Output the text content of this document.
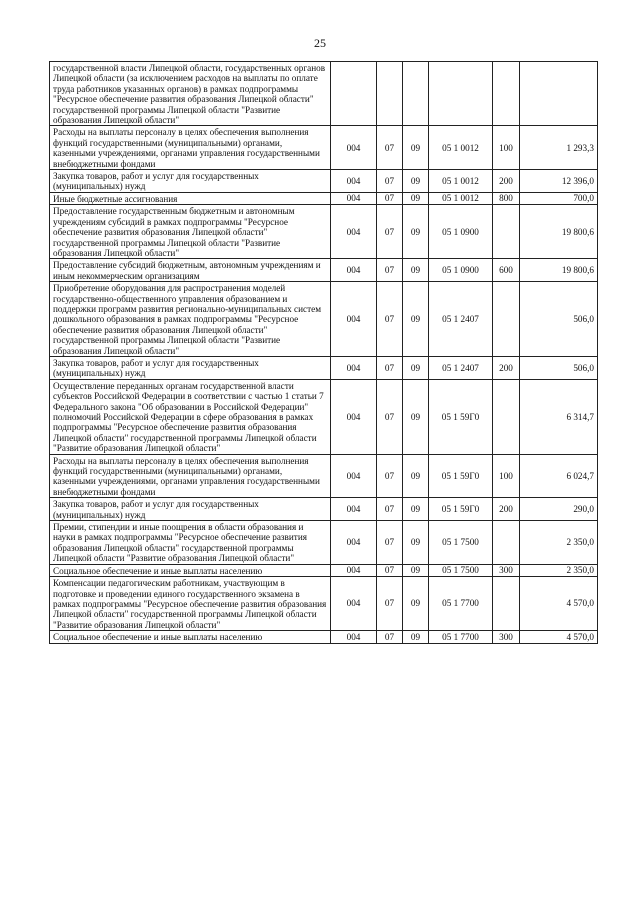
25
государственной власти Липецкой области, государственных органов Липецкой области (за исключением расходов на выплаты по оплате труда работников указанных органов) в рамках подпрограммы "Ресурсное обеспечение развития образования Липецкой области" государственной программы Липецкой области "Развитие образования Липецкой области"						
Расходы на выплаты персоналу в целях обеспечения выполнения функций государственными (муниципальными) органами, казенными учреждениями, органами управления государственными внебюджетными фондами	004	07	09	05 1 0012	100	1 293,3
Закупка товаров, работ и услуг для государственных (муниципальных) нужд	004	07	09	05 1 0012	200	12 396,0
Иные бюджетные ассигнования	004	07	09	05 1 0012	800	700,0
Предоставление государственным бюджетным и автономным учреждениям субсидий в рамках подпрограммы "Ресурсное обеспечение развития образования Липецкой области" государственной программы Липецкой области "Развитие образования Липецкой области"	004	07	09	05 1 0900		19 800,6
Предоставление субсидий бюджетным, автономным учреждениям и иным некоммерческим организациям	004	07	09	05 1 0900	600	19 800,6
Приобретение оборудования для распространения моделей государственно-общественного управления образованием и поддержки программ развития регионально-муниципальных систем дошкольного образования в рамках подпрограммы "Ресурсное обеспечение развития образования Липецкой области" государственной программы Липецкой области "Развитие образования Липецкой области"	004	07	09	05 1 2407		506,0
Закупка товаров, работ и услуг для государственных (муниципальных) нужд	004	07	09	05 1 2407	200	506,0
Осуществление переданных органам государственной власти субъектов Российской Федерации в соответствии с частью 1 статьи 7 Федерального закона "Об образовании в Российской Федерации" полномочий Российской Федерации в сфере образования в рамках подпрограммы "Ресурсное обеспечение развития образования Липецкой области" государственной программы Липецкой области "Развитие образования Липецкой области"	004	07	09	05 1 59Г0		6 314,7
Расходы на выплаты персоналу в целях обеспечения выполнения функций государственными (муниципальными) органами, казенными учреждениями, органами управления государственными внебюджетными фондами	004	07	09	05 1 59Г0	100	6 024,7
Закупка товаров, работ и услуг для государственных (муниципальных) нужд	004	07	09	05 1 59Г0	200	290,0
Премии, стипендии и иные поощрения в области образования и науки в рамках подпрограммы "Ресурсное обеспечение развития образования Липецкой области" государственной программы Липецкой области "Развитие образования Липецкой области"	004	07	09	05 1 7500		2 350,0
Социальное обеспечение и иные выплаты населению	004	07	09	05 1 7500	300	2 350,0
Компенсации педагогическим работникам, участвующим в подготовке и проведении единого государственного экзамена в рамках подпрограммы "Ресурсное обеспечение развития образования Липецкой области" государственной программы Липецкой области "Развитие образования Липецкой области"	004	07	09	05 1 7700		4 570,0
Социальное обеспечение и иные выплаты населению	004	07	09	05 1 7700	300	4 570,0
